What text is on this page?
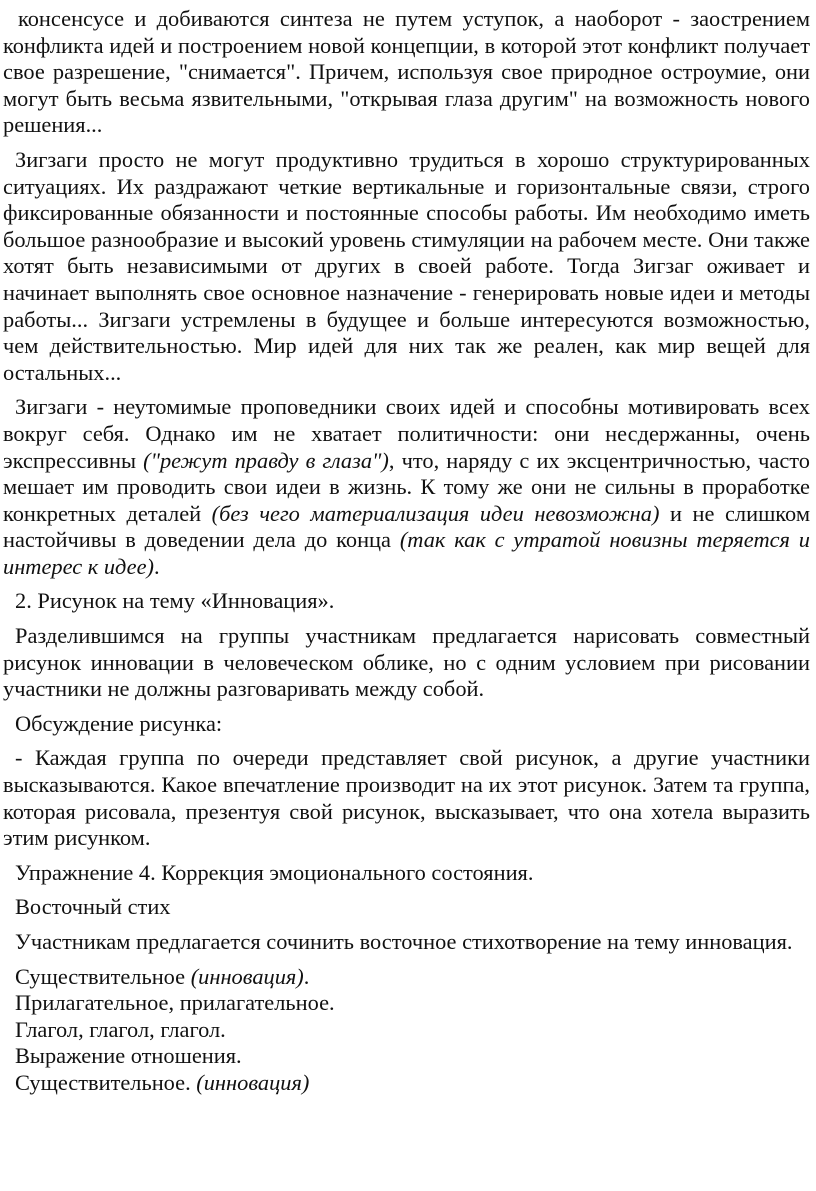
консенсусе и добиваются синтеза не путем уступок, а наоборот - заострением конфликта идей и построением новой концепции, в которой этот конфликт получает свое разрешение, "снимается". Причем, используя свое природное остроумие, они могут быть весьма язвительными, "открывая глаза другим" на возможность нового решения...

Зигзаги просто не могут продуктивно трудиться в хорошо структурированных ситуациях. Их раздражают четкие вертикальные и горизонтальные связи, строго фиксированные обязанности и постоянные способы работы. Им необходимо иметь большое разнообразие и высокий уровень стимуляции на рабочем месте. Они также хотят быть независимыми от других в своей работе. Тогда Зигзаг оживает и начинает выполнять свое основное назначение - генерировать новые идеи и методы работы... Зигзаги устремлены в будущее и больше интересуются возможностью, чем действительностью. Мир идей для них так же реален, как мир вещей для остальных...

Зигзаги - неутомимые проповедники своих идей и способны мотивировать всех вокруг себя. Однако им не хватает политичности: они несдержанны, очень экспрессивны ("режут правду в глаза"), что, наряду с их эксцентричностью, часто мешает им проводить свои идеи в жизнь. К тому же они не сильны в проработке конкретных деталей (без чего материализация идеи невозможна) и не слишком настойчивы в доведении дела до конца (так как с утратой новизны теряется и интерес к идее).

2. Рисунок на тему «Инновация».

Разделившимся на группы участникам предлагается нарисовать совместный рисунок инновации в человеческом облике, но с одним условием при рисовании участники не должны разговаривать между собой.

Обсуждение рисунка:

- Каждая группа по очереди представляет свой рисунок, а другие участники высказываются. Какое впечатление производит на их этот рисунок. Затем та группа, которая рисовала, презентуя свой рисунок, высказывает, что она хотела выразить этим рисунком.

Упражнение 4. Коррекция эмоционального состояния.

Восточный стих

Участникам предлагается сочинить восточное стихотворение на тему инновация.

Существительное (инновация).

Прилагательное, прилагательное.

Глагол, глагол, глагол.

Выражение отношения.

Существительное. (инновация)
